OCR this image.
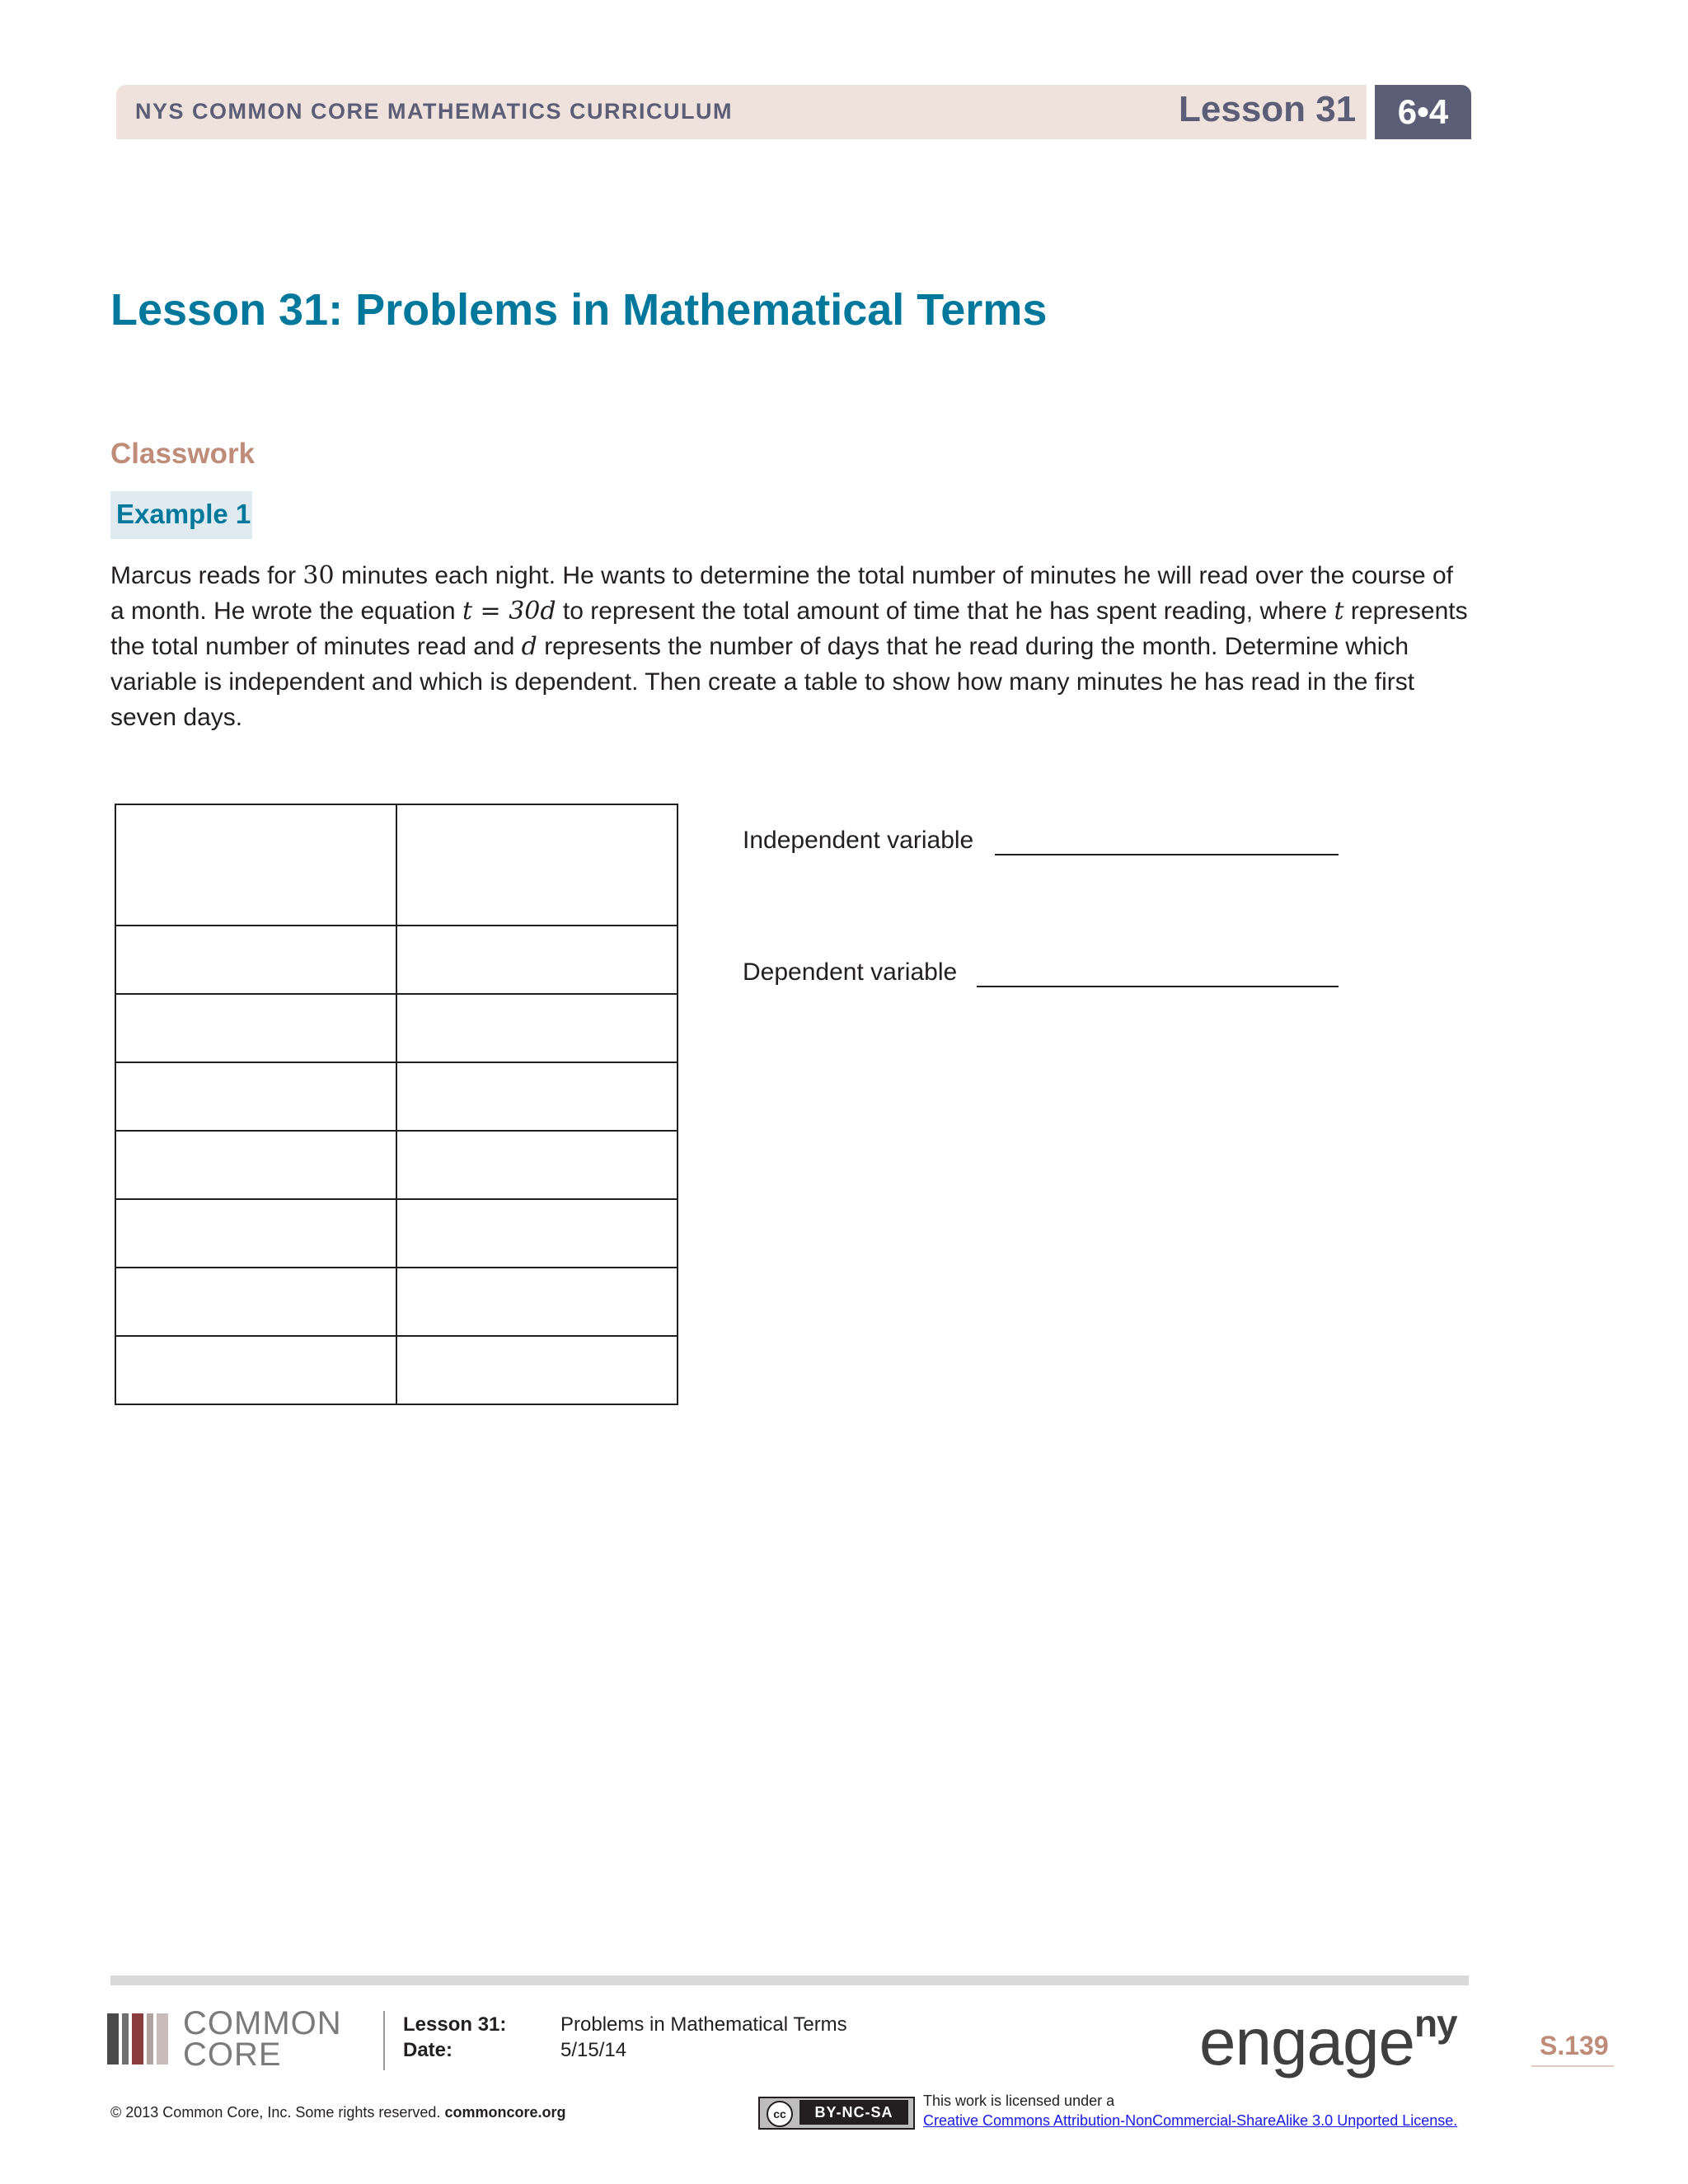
NYS COMMON CORE MATHEMATICS CURRICULUM	Lesson 31	6•4
Lesson 31: Problems in Mathematical Terms
Classwork
Example 1
Marcus reads for 30 minutes each night. He wants to determine the total number of minutes he will read over the course of a month. He wrote the equation t = 30d to represent the total amount of time that he has spent reading, where t represents the total number of minutes read and d represents the number of days that he read during the month. Determine which variable is independent and which is dependent. Then create a table to show how many minutes he has read in the first seven days.

Independent variable
Dependent variable
COMMON
CORE
Lesson 31:	Problems in Mathematical Terms
Date:	5/15/14	engage$^{ny}$
S.139
© 2013 Common Core, Inc. Some rights reserved. commoncore.org	cc	BY-NC-SA
This work is licensed under a
Creative Commons Attribution-NonCommercial-ShareAlike 3.0 Unported License.
